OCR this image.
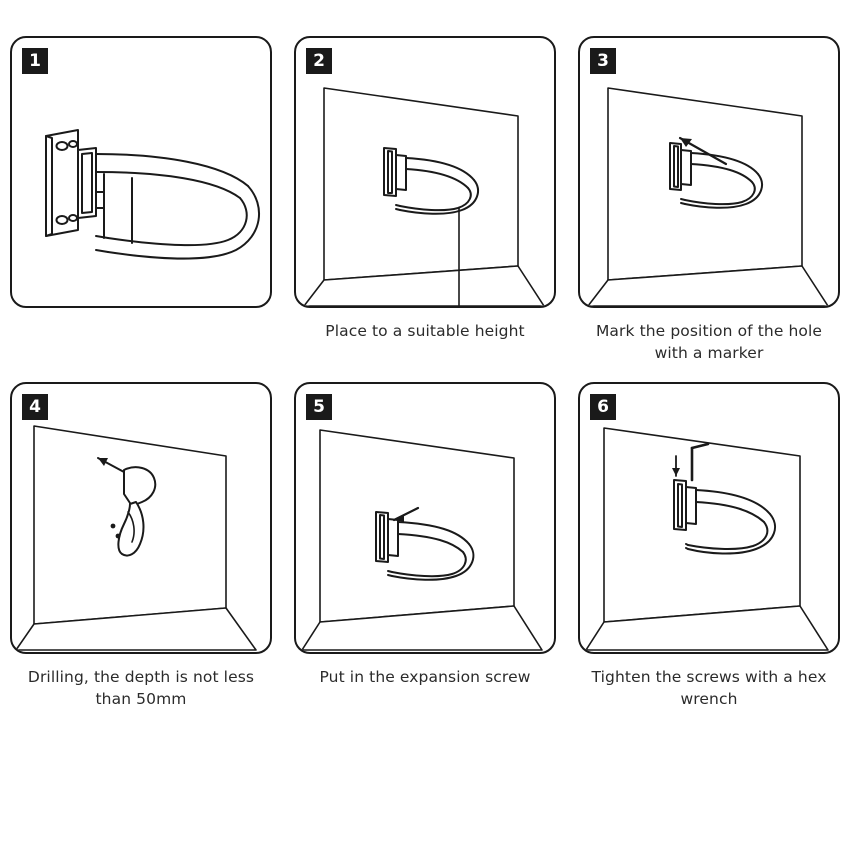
1	2
Place to a suitable height
3
Mark the position of the hole with a marker
4
Drilling, the depth is not less than 50mm
5
Put in the expansion screw
6
Tighten the screws with a hex wrench
